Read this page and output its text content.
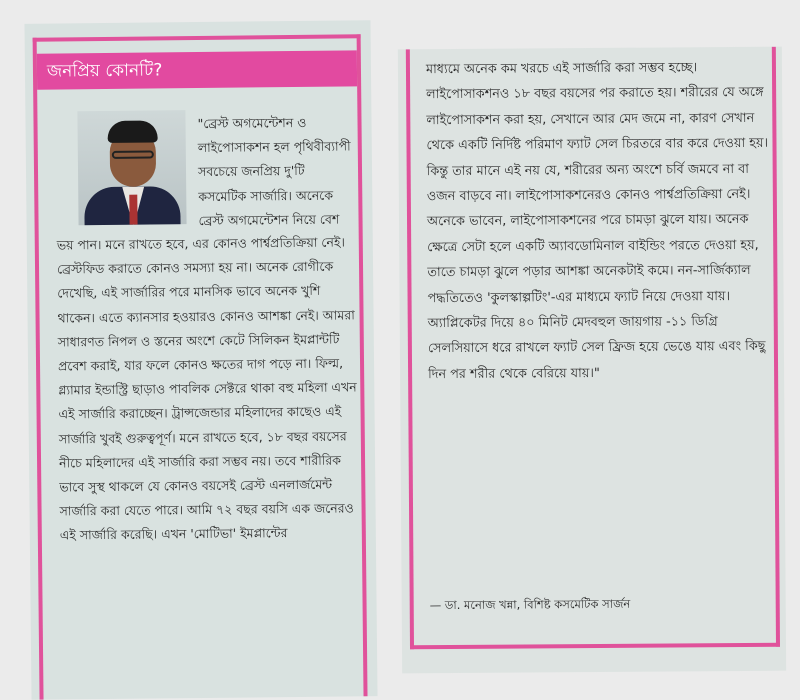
জনপ্রিয় কোনটি?

"ব্রেস্ট অগমেন্টেশন ও লাইপোসাকশন হল পৃথিবীব্যাপী সবচেয়ে জনপ্রিয় দু'টি কসমেটিক সার্জারি। অনেকে ব্রেস্ট অগমেন্টেশন নিয়ে বেশ

ভয় পান। মনে রাখতে হবে, এর কোনও পার্শ্বপ্রতিক্রিয়া নেই। ব্রেস্টফিড করাতে কোনও সমস্যা হয় না। অনেক রোগীকে দেখেছি, এই সার্জারির পরে মানসিক ভাবে অনেক খুশি থাকেন। এতে ক্যানসার হওয়ারও কোনও আশঙ্কা নেই। আমরা সাধারণত নিপল ও স্তনের অংশে কেটে সিলিকন ইমপ্লান্টটি প্রবেশ করাই, যার ফলে কোনও ক্ষতের দাগ পড়ে না। ফিল্ম, গ্ল্যামার ইন্ডাস্ট্রি ছাড়াও পাবলিক সেক্টরে থাকা বহু মহিলা এখন এই সার্জারি করাচ্ছেন। ট্রান্সজেন্ডার মহিলাদের কাছেও এই সার্জারি খুবই গুরুত্বপূর্ণ। মনে রাখতে হবে, ১৮ বছর বয়সের নীচে মহিলাদের এই সার্জারি করা সম্ভব নয়। তবে শারীরিক ভাবে সুস্থ থাকলে যে কোনও বয়সেই ব্রেস্ট এনলার্জমেন্ট সার্জারি করা যেতে পারে। আমি ৭২ বছর বয়সি এক জনেরও এই সার্জারি করেছি। এখন 'মোটিভা' ইমপ্লান্টের

মাধ্যমে অনেক কম খরচে এই সার্জারি করা সম্ভব হচ্ছে। লাইপোসাকশনও ১৮ বছর বয়সের পর করাতে হয়। শরীরের যে অঙ্গে লাইপোসাকশন করা হয়, সেখানে আর মেদ জমে না, কারণ সেখান থেকে একটি নির্দিষ্ট পরিমাণ ফ্যাট সেল চিরতরে বার করে দেওয়া হয়। কিন্তু তার মানে এই নয় যে, শরীরের অন্য অংশে চর্বি জমবে না বা ওজন বাড়বে না। লাইপোসাকশনেরও কোনও পার্শ্বপ্রতিক্রিয়া নেই। অনেকে ভাবেন, লাইপোসাকশনের পরে চামড়া ঝুলে যায়। অনেক ক্ষেত্রে সেটা হলে একটি অ্যাবডোমিনাল বাইন্ডিং পরতে দেওয়া হয়, তাতে চামড়া ঝুলে পড়ার আশঙ্কা অনেকটাই কমে। নন-সার্জিক্যাল পদ্ধতিতেও 'কুলস্কাল্পটিং'-এর মাধ্যমে ফ্যাট নিয়ে দেওয়া যায়। অ্যাপ্লিকেটর দিয়ে ৪০ মিনিট মেদবহুল জায়গায় -১১ ডিগ্রি সেলসিয়াসে ধরে রাখলে ফ্যাট সেল ফ্রিজ হয়ে ভেঙে যায় এবং কিছু দিন পর শরীর থেকে বেরিয়ে যায়।"

— ডা. মনোজ খন্না, বিশিষ্ট কসমেটিক সার্জন
